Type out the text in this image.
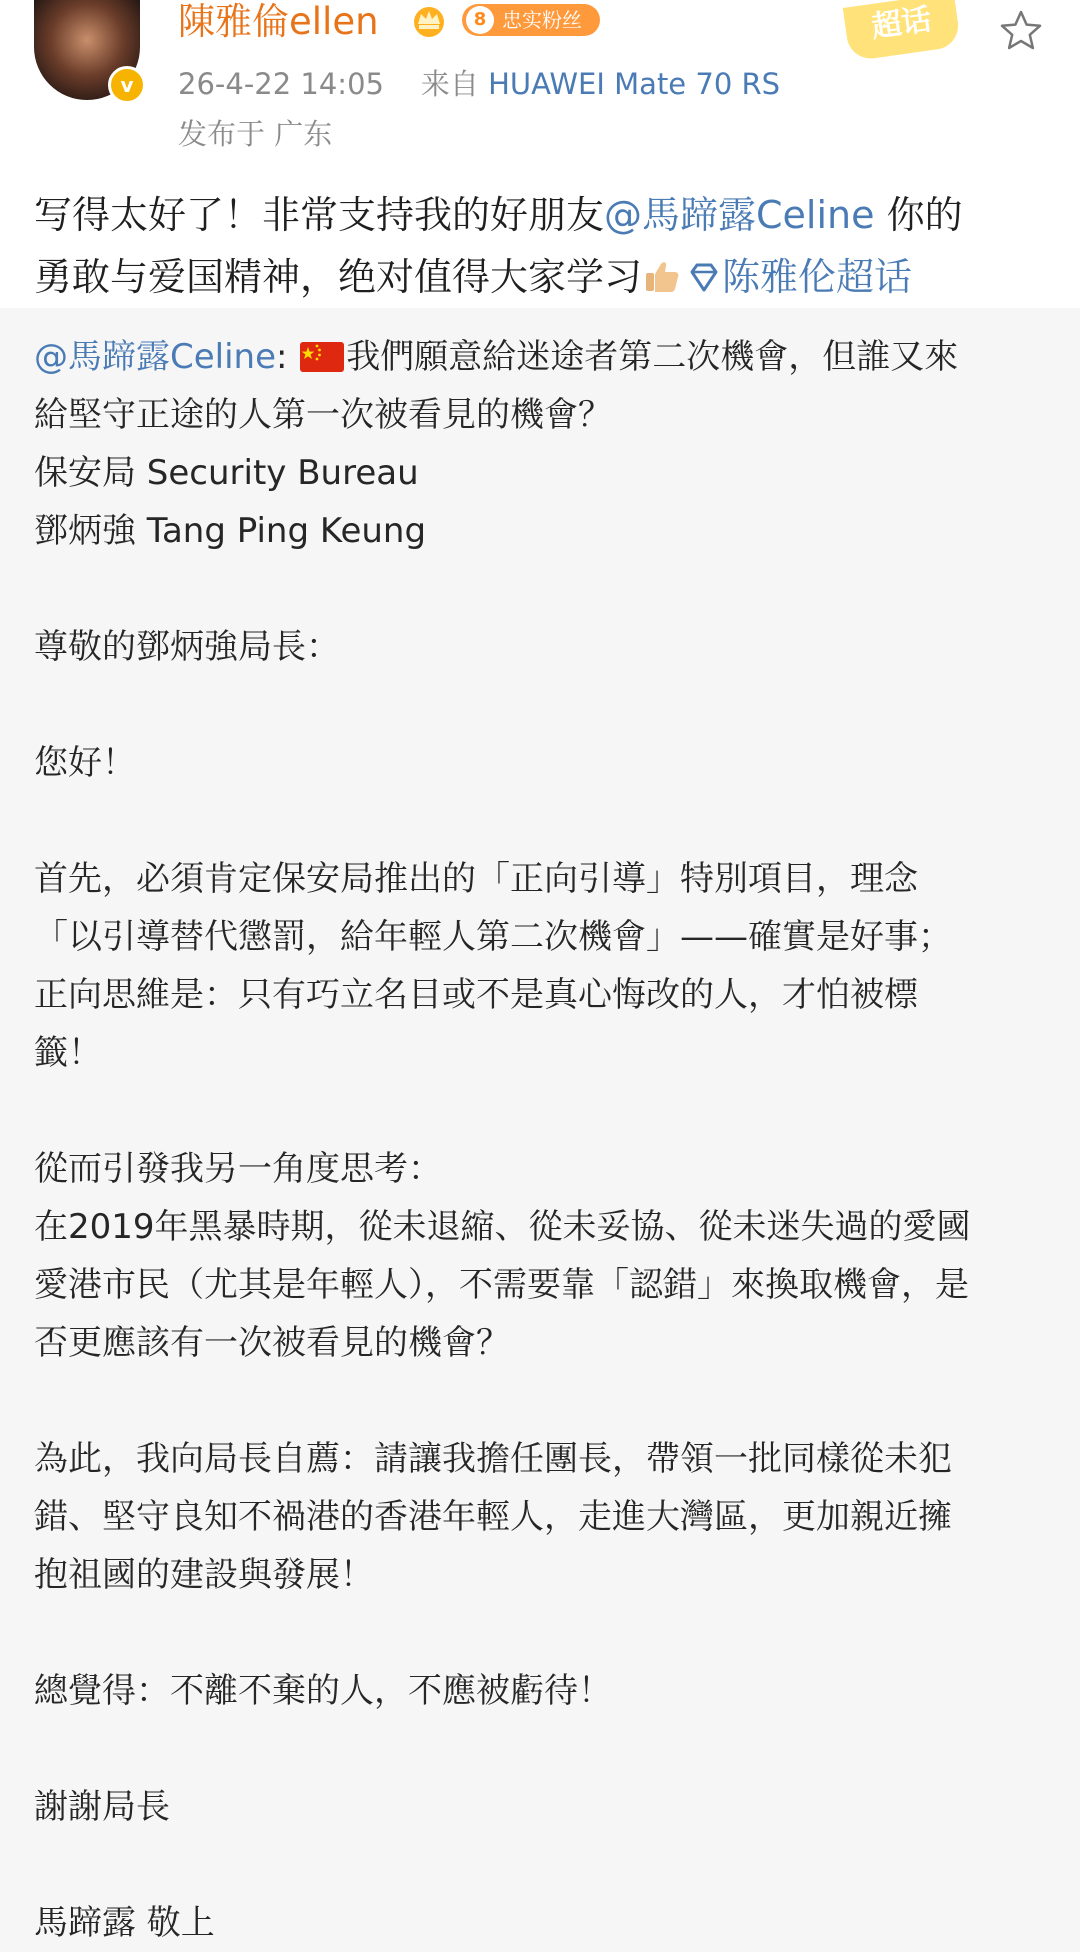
v
陳雅倫ellen	8 忠实粉丝	超话
26-4-22 14:05 来自 HUAWEI Mate 70 RS
发布于 广东
写得太好了！非常支持我的好朋友@馬蹄露Celine 你的
勇敢与爱国精神，绝对值得大家学习 陈雅伦超话
@馬蹄露Celine: 我們願意給迷途者第二次機會，但誰又來
給堅守正途的人第一次被看見的機會？
保安局 Security Bureau
鄧炳強 Tang Ping Keung
尊敬的鄧炳強局長：
您好！
首先，必須肯定保安局推出的「正向引導」特別項目，理念
「以引導替代懲罰，給年輕人第二次機會」——確實是好事；
正向思維是：只有巧立名目或不是真心悔改的人，才怕被標
籤！
從而引發我另一角度思考：
在2019年黑暴時期，從未退縮、從未妥協、從未迷失過的愛國
愛港市民（尤其是年輕人），不需要靠「認錯」來換取機會，是
否更應該有一次被看見的機會？
為此，我向局長自薦：請讓我擔任團長，帶領一批同樣從未犯
錯、堅守良知不禍港的香港年輕人，走進大灣區，更加親近擁
抱祖國的建設與發展！
總覺得：不離不棄的人，不應被虧待！
謝謝局長
馬蹄露 敬上
